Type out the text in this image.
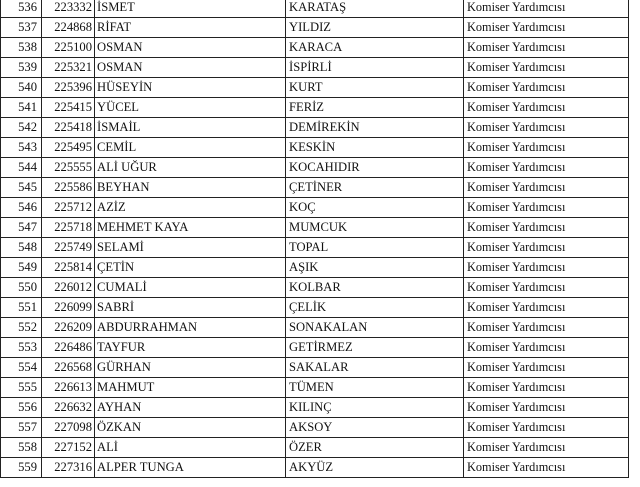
536	223332	İSMET	KARATAŞ	Komiser Yardımcısı
537	224868	RİFAT	YILDIZ	Komiser Yardımcısı
538	225100	OSMAN	KARACA	Komiser Yardımcısı
539	225321	OSMAN	İSPİRLİ	Komiser Yardımcısı
540	225396	HÜSEYİN	KURT	Komiser Yardımcısı
541	225415	YÜCEL	FERİZ	Komiser Yardımcısı
542	225418	İSMAİL	DEMİREKİN	Komiser Yardımcısı
543	225495	CEMİL	KESKİN	Komiser Yardımcısı
544	225555	ALİ UĞUR	KOCAHIDIR	Komiser Yardımcısı
545	225586	BEYHAN	ÇETİNER	Komiser Yardımcısı
546	225712	AZİZ	KOÇ	Komiser Yardımcısı
547	225718	MEHMET KAYA	MUMCUK	Komiser Yardımcısı
548	225749	SELAMİ	TOPAL	Komiser Yardımcısı
549	225814	ÇETİN	AŞIK	Komiser Yardımcısı
550	226012	CUMALİ	KOLBAR	Komiser Yardımcısı
551	226099	SABRİ	ÇELİK	Komiser Yardımcısı
552	226209	ABDURRAHMAN	SONAKALAN	Komiser Yardımcısı
553	226486	TAYFUR	GETİRMEZ	Komiser Yardımcısı
554	226568	GÜRHAN	SAKALAR	Komiser Yardımcısı
555	226613	MAHMUT	TÜMEN	Komiser Yardımcısı
556	226632	AYHAN	KILINÇ	Komiser Yardımcısı
557	227098	ÖZKAN	AKSOY	Komiser Yardımcısı
558	227152	ALİ	ÖZER	Komiser Yardımcısı
559	227316	ALPER TUNGA	AKYÜZ	Komiser Yardımcısı
